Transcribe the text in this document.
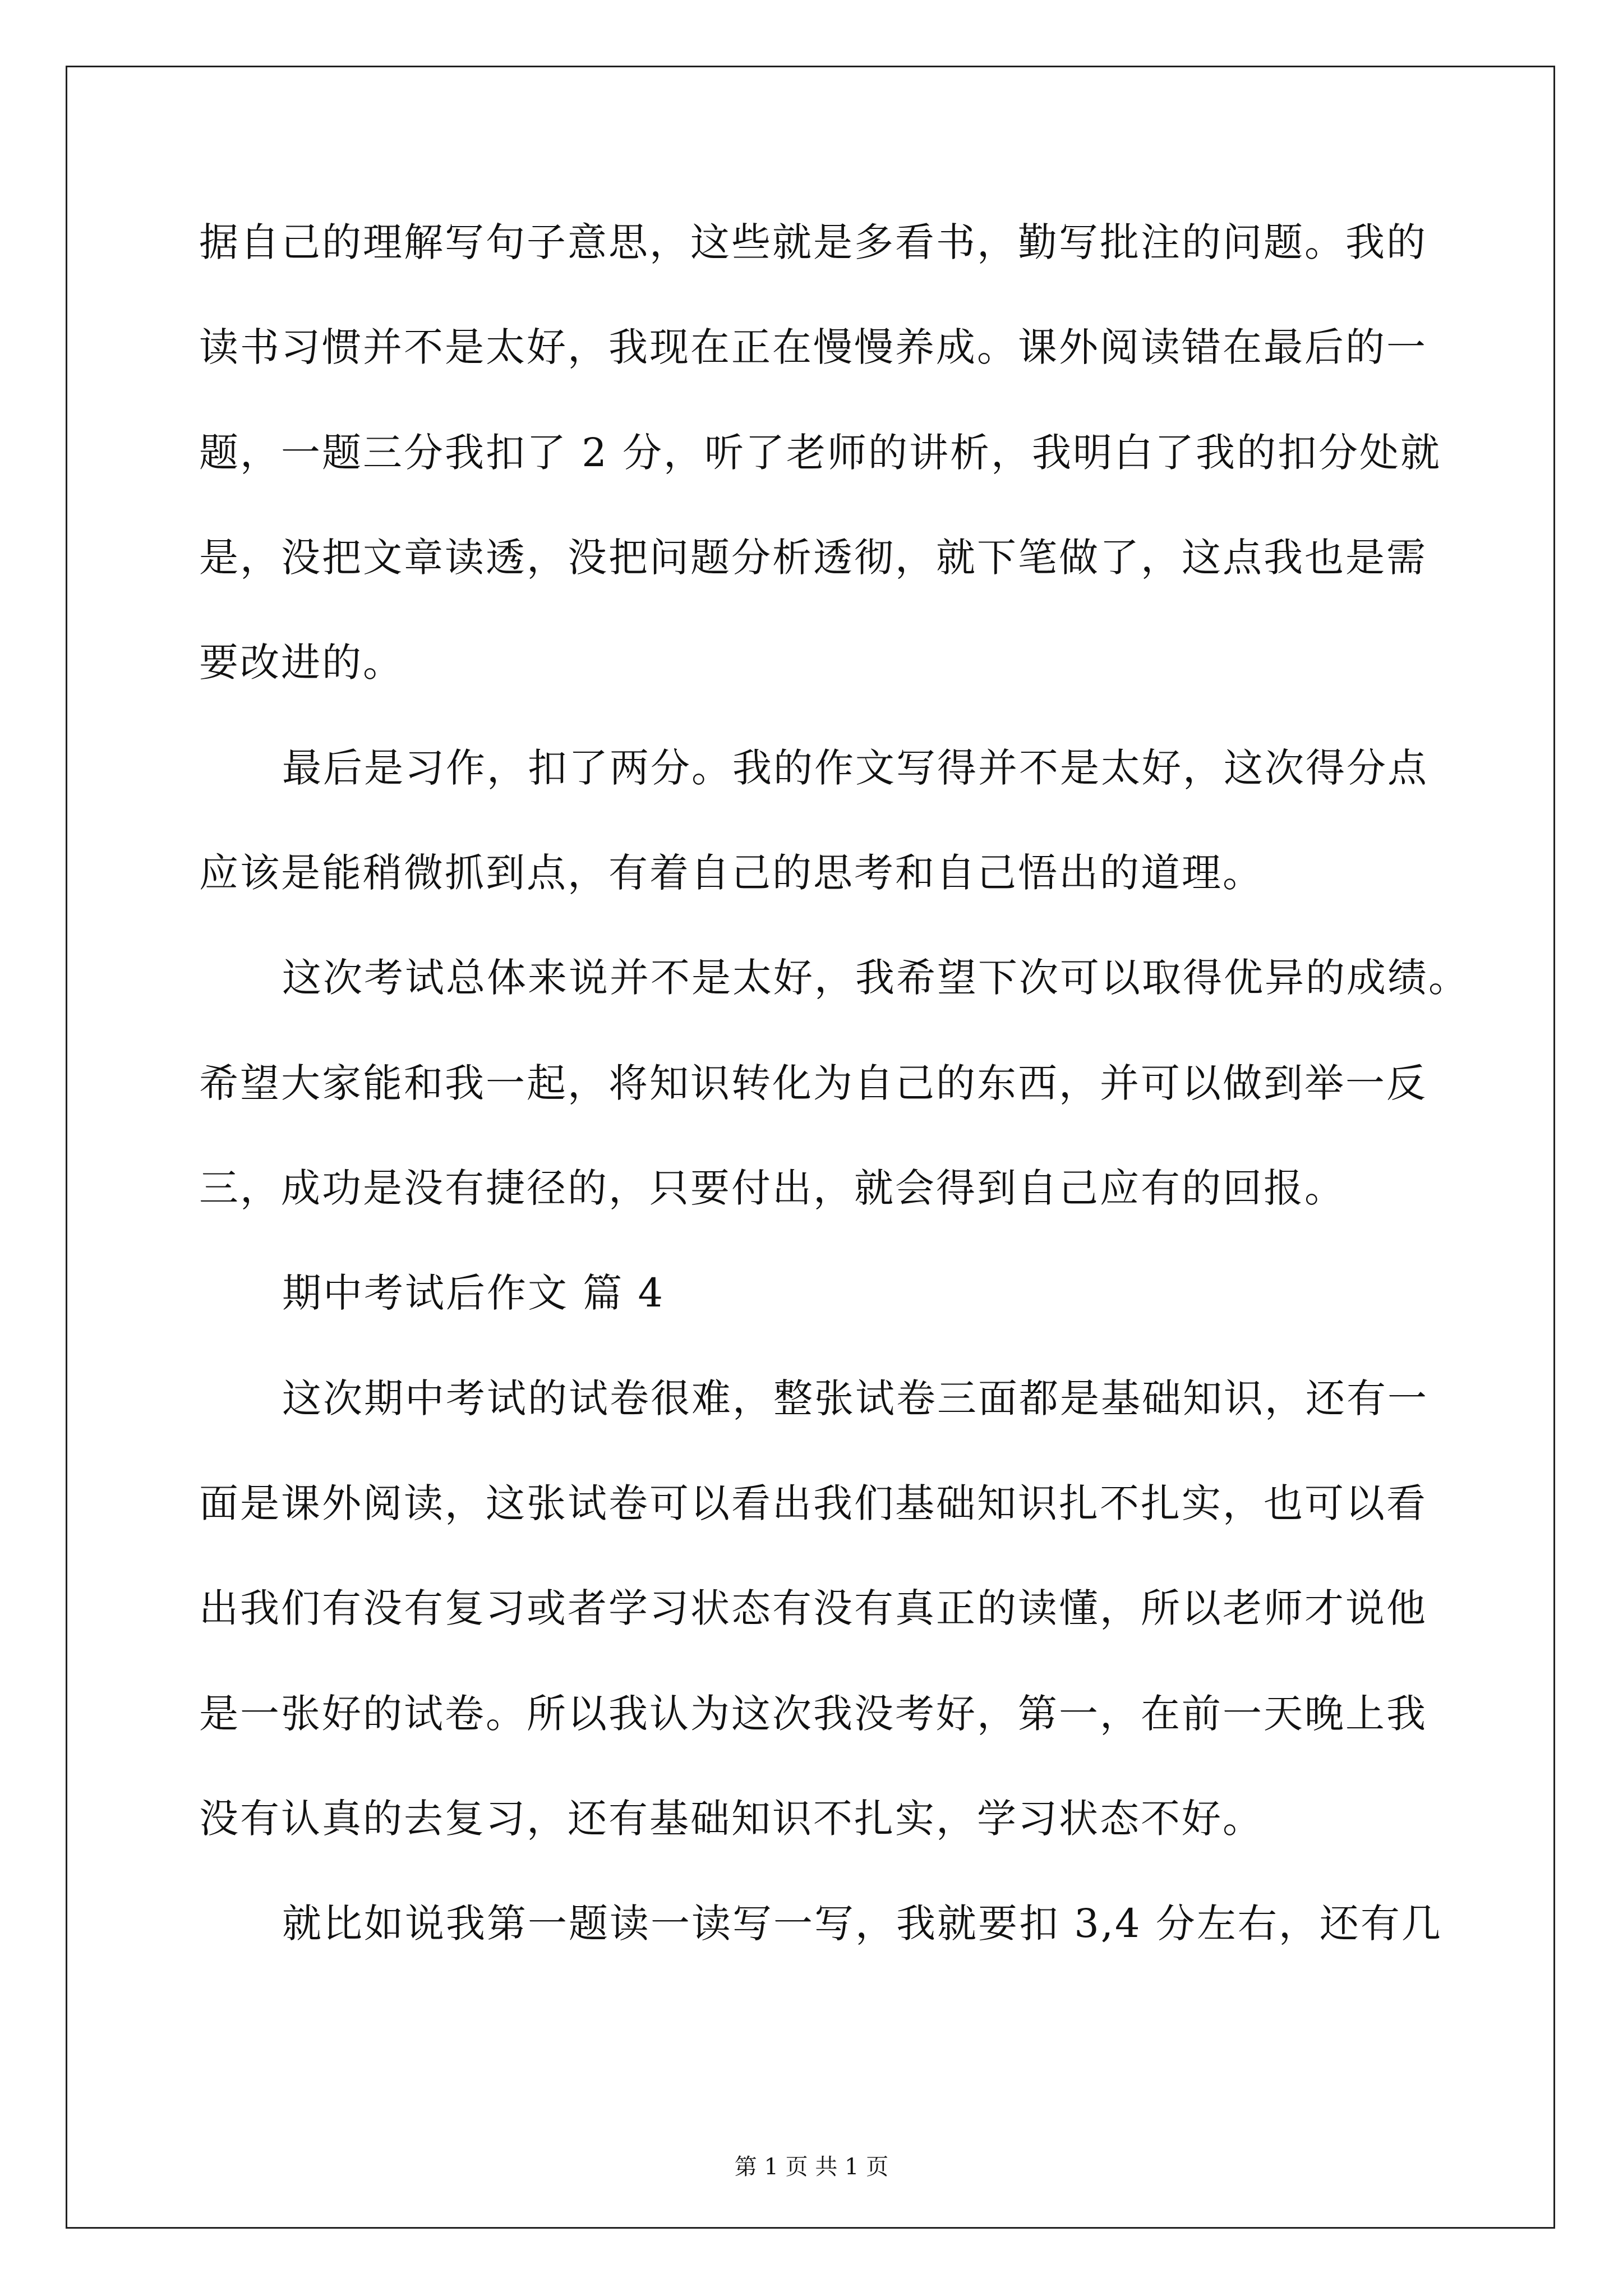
据自己的理解写句子意思，这些就是多看书，勤写批注的问题。我的
读书习惯并不是太好，我现在正在慢慢养成。课外阅读错在最后的一
题，一题三分我扣了 2 分，听了老师的讲析，我明白了我的扣分处就
是，没把文章读透，没把问题分析透彻，就下笔做了，这点我也是需
要改进的。
最后是习作，扣了两分。我的作文写得并不是太好，这次得分点
应该是能稍微抓到点，有着自己的思考和自己悟出的道理。
这次考试总体来说并不是太好，我希望下次可以取得优异的成绩。
希望大家能和我一起，将知识转化为自己的东西，并可以做到举一反
三，成功是没有捷径的，只要付出，就会得到自己应有的回报。
期中考试后作文 篇 4
这次期中考试的试卷很难，整张试卷三面都是基础知识，还有一
面是课外阅读，这张试卷可以看出我们基础知识扎不扎实，也可以看
出我们有没有复习或者学习状态有没有真正的读懂，所以老师才说他
是一张好的试卷。所以我认为这次我没考好，第一，在前一天晚上我
没有认真的去复习，还有基础知识不扎实，学习状态不好。
就比如说我第一题读一读写一写，我就要扣 3,4 分左右，还有几
第 1 页 共 1 页
